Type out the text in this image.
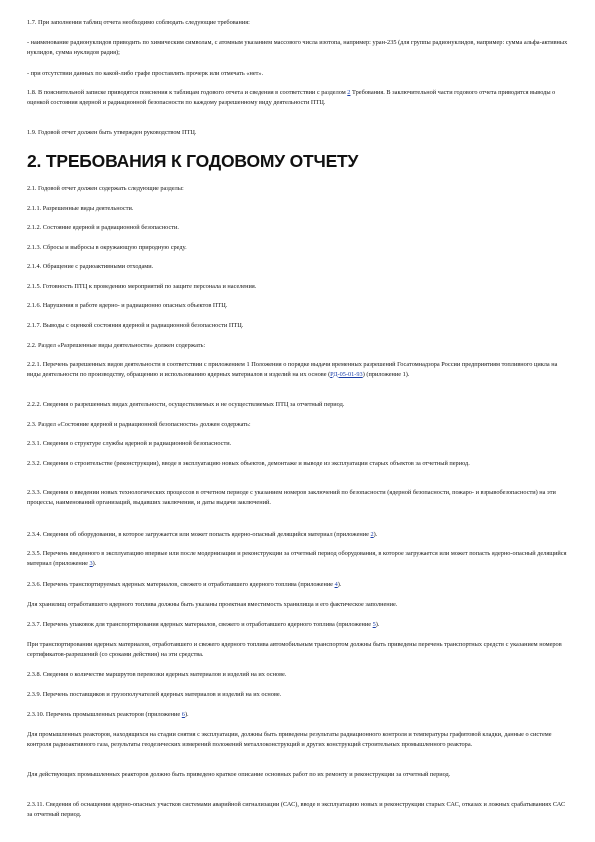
1.7. При заполнении таблиц отчета необходимо соблюдать следующие требования:

- наименование радионуклидов приводить по химическим символам, с атомным указанием массового числа изотопа, например: уран-235 (для группы радионуклидов, например: сумма альфа-активных нуклидов, сумма нуклидов радия);

- при отсутствии данных по какой-либо графе проставлять прочерк или отмечать «нет».

1.8. В пояснительной записке приводятся пояснения к таблицам годового отчета и сведения в соответствии с разделом 2 Требования. В заключительной части годового отчета приводятся выводы о оценкой состояния ядерной и радиационной безопасности по каждому разрешенному виду деятельности ПТЦ.

1.9. Годовой отчет должен быть утвержден руководством ПТЦ.

2. ТРЕБОВАНИЯ К ГОДОВОМУ ОТЧЕТУ

2.1. Годовой отчет должен содержать следующие разделы:

2.1.1. Разрешенные виды деятельности.

2.1.2. Состояние ядерной и радиационной безопасности.

2.1.3. Сбросы и выбросы в окружающую природную среду.

2.1.4. Обращение с радиоактивными отходами.

2.1.5. Готовность ПТЦ к проведению мероприятий по защите персонала и населения.

2.1.6. Нарушения в работе ядерно- и радиационно опасных объектов ПТЦ.

2.1.7. Выводы с оценкой состояния ядерной и радиационной безопасности ПТЦ.

2.2. Раздел «Разрешенные виды деятельности» должен содержать:

2.2.1. Перечень разрешенных видов деятельности в соответствии с приложением 1 Положения о порядке выдачи временных разрешений Госатомнадзора России предприятиям топливного цикла на виды деятельности по производству, обращению и использованию ядерных материалов и изделий на их основе (РД-05-01-93) (приложение 1).

2.2.2. Сведения о разрешенных видах деятельности, осуществляемых и не осуществляемых ПТЦ за отчетный период.

2.3. Раздел «Состояние ядерной и радиационной безопасности» должен содержать:

2.3.1. Сведения о структуре службы ядерной и радиационной безопасности.

2.3.2. Сведения о строительстве (реконструкции), вводе в эксплуатацию новых объектов, демонтаже и выводе из эксплуатации старых объектов за отчетный период.

2.3.3. Сведения о введении новых технологических процессов в отчетном периоде с указанием номеров заключений по безопасности (ядерной безопасности, пожаро- и взрывобезопасности) на эти процессы, наименований организаций, выдавших заключения, и даты выдачи заключений.

2.3.4. Сведения об оборудовании, в которое загружается или может попасть ядерно-опасный делящийся материал (приложение 2).

2.3.5. Перечень введенного в эксплуатацию впервые или после модернизации и реконструкции за отчетный период оборудования, в которое загружается или может попасть ядерно-опасный делящийся материал (приложение 3).

2.3.6. Перечень транспортируемых ядерных материалов, свежего и отработавшего ядерного топлива (приложение 4).

Для хранилищ отработавшего ядерного топлива должны быть указаны проектная вместимость хранилища и его фактическое заполнение.

2.3.7. Перечень упаковок для транспортирования ядерных материалов, свежего и отработавшего ядерного топлива (приложение 5).

При транспортировании ядерных материалов, отработавшего и свежего ядерного топлива автомобильным транспортом должны быть приведены перечень транспортных средств с указанием номеров сертификатов-разрешений (со сроками действия) на эти средства.

2.3.8. Сведения о количестве маршрутов перевозки ядерных материалов и изделий на их основе.

2.3.9. Перечень поставщиков и грузополучателей ядерных материалов и изделий на их основе.

2.3.10. Перечень промышленных реакторов (приложение 6).

Для промышленных реакторов, находящихся на стадии снятия с эксплуатации, должны быть приведены результаты радиационного контроля и температуры графитовой кладки, данные о системе контроля радиоактивного газа, результаты геодезических измерений положений металлоконструкций и других конструкций строительных промышленного реактора.

Для действующих промышленных реакторов должно быть приведено краткое описание основных работ по их ремонту и реконструкции за отчетный период.

2.3.11. Сведения об оснащении ядерно-опасных участков системами аварийной сигнализации (САС), вводе в эксплуатацию новых и реконструкции старых САС, отказах и ложных срабатываниях САС за отчетный период.
